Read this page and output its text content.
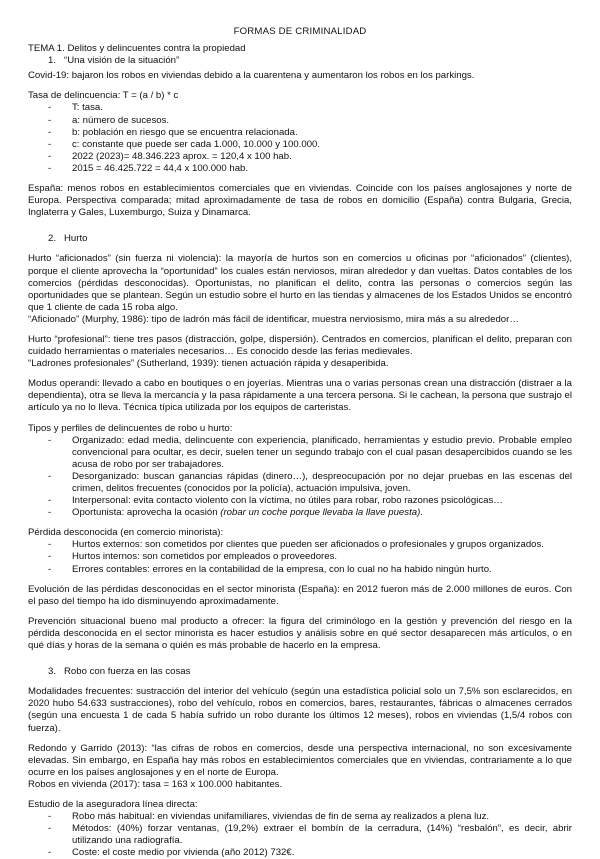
FORMAS DE CRIMINALIDAD

TEMA 1. Delitos y delincuentes contra la propiedad

1. “Una visión de la situación”

Covid-19: bajaron los robos en viviendas debido a la cuarentena y aumentaron los robos en los parkings.

Tasa de delincuencia: T = (a / b) * c

- T: tasa.
- a: número de sucesos.
- b: población en riesgo que se encuentra relacionada.
- c: constante que puede ser cada 1.000, 10.000 y 100.000.
- 2022 (2023)= 48.346.223 aprox. = 120,4 x 100 hab.
- 2015 = 46.425.722 = 44,4 x 100.000 hab.

España: menos robos en establecimientos comerciales que en viviendas. Coincide con los países anglosajones y norte de Europa. Perspectiva comparada; mitad aproximadamente de tasa de robos en domicilio (España) contra Bulgaria, Grecia, Inglaterra y Gales, Luxemburgo, Suiza y Dinamarca.

2. Hurto

Hurto “aficionados” (sin fuerza ni violencia): la mayoría de hurtos son en comercios u oficinas por “aficionados” (clientes), porque el cliente aprovecha la “oportunidad” los cuales están nerviosos, miran alrededor y dan vueltas. Datos contables de los comercios (pérdidas desconocidas). Oportunistas, no planifican el delito, contra las personas o comercios según las oportunidades que se plantean. Según un estudio sobre el hurto en las tiendas y almacenes de los Estados Unidos se encontró que 1 cliente de cada 15 roba algo.

“Aficionado” (Murphy, 1986): tipo de ladrón más fácil de identificar, muestra nerviosismo, mira más a su alrededor…

Hurto “profesional”: tiene tres pasos (distracción, golpe, dispersión). Centrados en comercios, planifican el delito, preparan con cuidado herramientas o materiales necesarios… Es conocido desde las ferias medievales.

“Ladrones profesionales” (Sutherland, 1939): tienen actuación rápida y desaperibida.

Modus operandi: llevado a cabo en boutiques o en joyerías. Mientras una o varias personas crean una distracción (distraer a la dependienta), otra se lleva la mercancía y la pasa rápidamente a una tercera persona. Si le cachean, la persona que sustrajo el artículo ya no lo lleva. Técnica típica utilizada por los equipos de carteristas.

Tipos y perfiles de delincuentes de robo u hurto:

- Organizado: edad media, delincuente con experiencia, planificado, herramientas y estudio previo. Probable empleo convencional para ocultar, es decir, suelen tener un segundo trabajo con el cual pasan desapercibidos cuando se les acusa de robo por ser trabajadores.
- Desorganizado: buscan ganancias rápidas (dinero…), despreocupación por no dejar pruebas en las escenas del crimen, delitos frecuentes (conocidos por la policía), actuación impulsiva, joven.
- Interpersonal: evita contacto violento con la víctima, no útiles para robar, robo razones psicológicas…
- Oportunista: aprovecha la ocasión (robar un coche porque llevaba la llave puesta).

Pérdida desconocida (en comercio minorista):

- Hurtos externos: son cometidos por clientes que pueden ser aficionados o profesionales y grupos organizados.
- Hurtos internos: son cometidos por empleados o proveedores.
- Errores contables: errores en la contabilidad de la empresa, con lo cual no ha habido ningún hurto.

Evolución de las pérdidas desconocidas en el sector minorista (España): en 2012 fueron más de 2.000 millones de euros. Con el paso del tiempo ha ido disminuyendo aproximadamente.

Prevención situacional bueno mal producto a ofrecer: la figura del criminólogo en la gestión y prevención del riesgo en la pérdida desconocida en el sector minorista es hacer estudios y análisis sobre en qué sector desaparecen más artículos, o en qué días y horas de la semana o quién es más probable de hacerlo en la empresa.

3. Robo con fuerza en las cosas

Modalidades frecuentes: sustracción del interior del vehículo (según una estadística policial solo un 7,5% son esclarecidos, en 2020 hubo 54.633 sustracciones), robo del vehículo, robos en comercios, bares, restaurantes, fábricas o almacenes cerrados (según una encuesta 1 de cada 5 había sufrido un robo durante los últimos 12 meses), robos en viviendas (1,5/4 robos con fuerza).

Redondo y Garrido (2013): “las cifras de robos en comercios, desde una perspectiva internacional, no son excesivamente elevadas. Sin embargo, en España hay más robos en establecimientos comerciales que en viviendas, contrariamente a lo que ocurre en los países anglosajones y en el norte de Europa.

Robos en vivienda (2017): tasa = 163 x 100.000 habitantes.

Estudio de la aseguradora línea directa:

- Robo más habitual: en viviendas unifamiliares, viviendas de fin de sema ay realizados a plena luz.
- Métodos: (40%) forzar ventanas, (19,2%) extraer el bombín de la cerradura, (14%) “resbalón”, es decir, abrir utilizando una radiografía.
- Coste: el coste medio por vivienda (año 2012) 732€.
